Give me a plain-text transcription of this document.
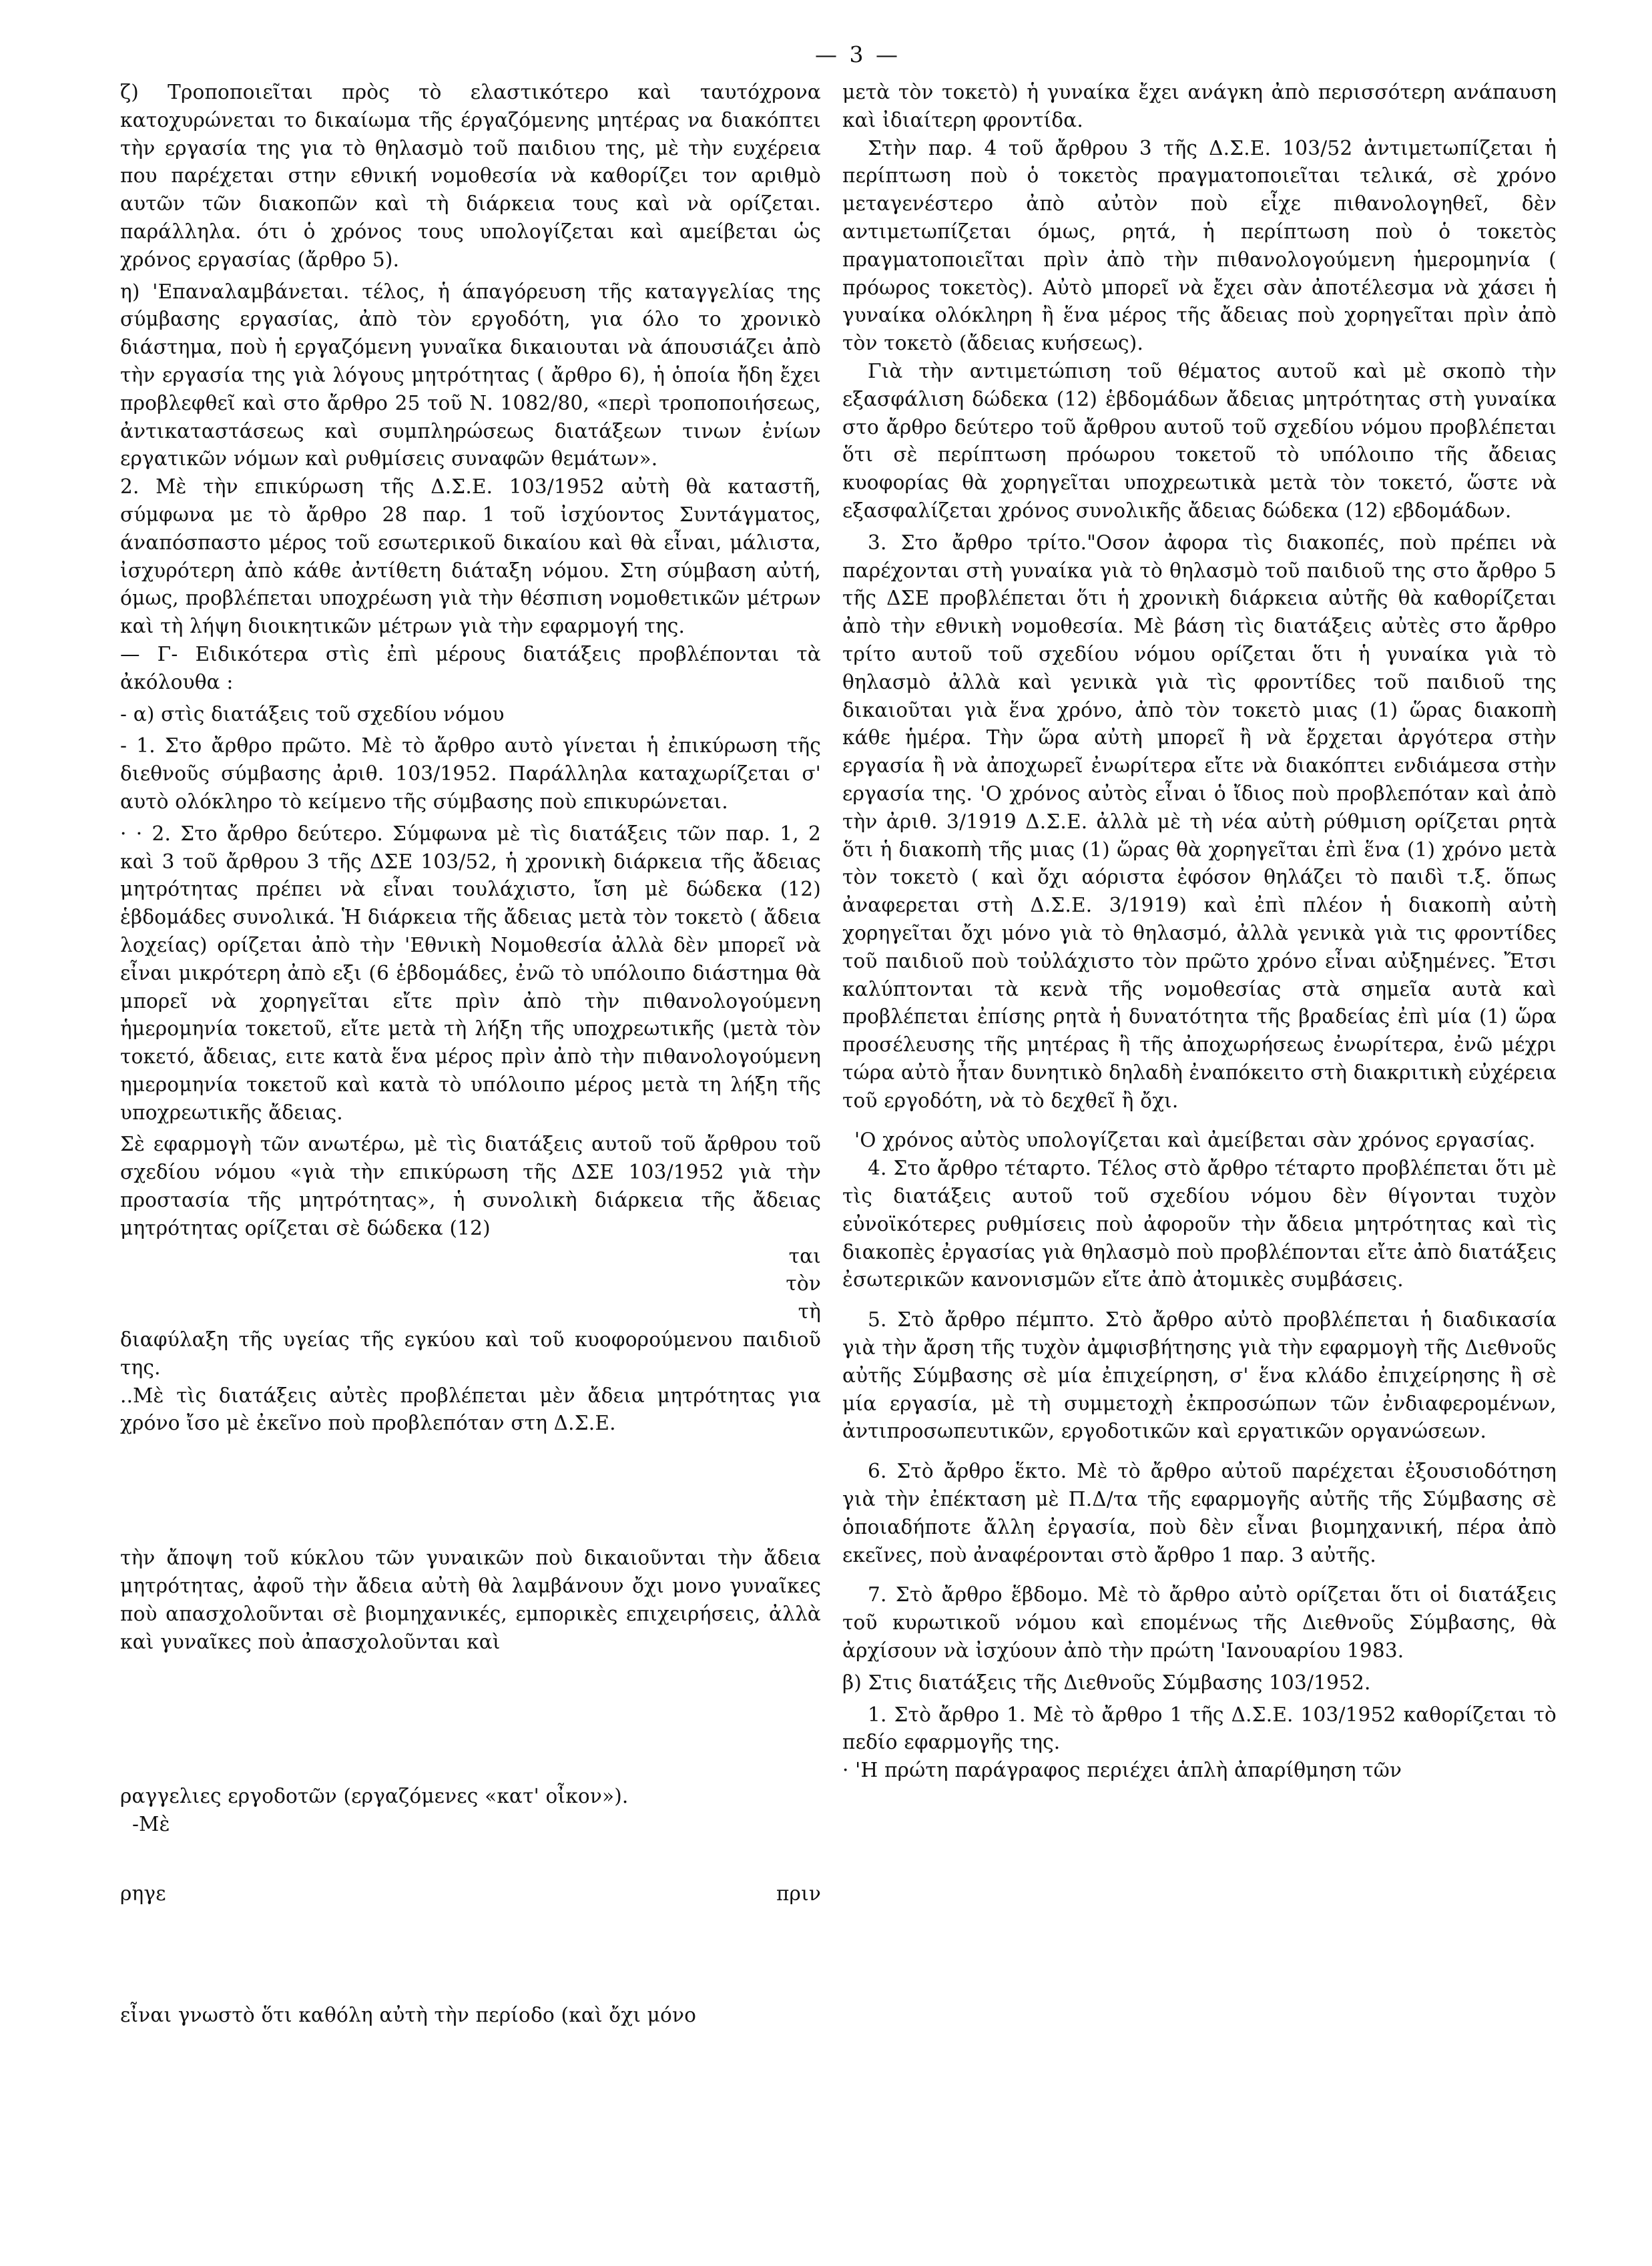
— 3 —

ζ) Τροποποιεῖται πρὸς τὸ ελαστικότερο καὶ ταυτόχρονα κατοχυρώνεται το δικαίωμα τῆς έργαζόμενης μητέρας να διακόπτει τὴν εργασία της για τὸ θηλασμὸ τοῦ παιδιου της, μὲ τὴν ευχέρεια που παρέχεται στην εθνική νομοθεσία νὰ καθορίζει τον αριθμὸ αυτῶν τῶν διακοπῶν καὶ τὴ διάρκεια τους καὶ νὰ ορίζεται. παράλληλα. ότι ὁ χρόνος τους υπολογίζεται καὶ αμείβεται ὡς χρόνος εργασίας (ἄρθρο 5).

η) 'Επαναλαμβάνεται. τέλος, ἡ άπαγόρευση τῆς καταγγελίας της σύμβασης εργασίας, ἀπὸ τὸν εργοδότη, για όλο το χρονικὸ διάστημα, ποὺ ἡ εργαζόμενη γυναῖκα δικαιουται νὰ άπουσιάζει ἀπὸ τὴν εργασία της γιὰ λόγους μητρότητας ( ἄρθρο 6), ἡ ὁποία ἤδη ἔχει προβλεφθεῖ καὶ στο ἄρθρο 25 τοῦ Ν. 1082/80, «περὶ τροποποιήσεως, ἀντικαταστάσεως καὶ συμπληρώσεως διατάξεων τινων ἐνίων εργατικῶν νόμων καὶ ρυθμίσεις συναφῶν θεμάτων».

2. Μὲ τὴν επικύρωση τῆς Δ.Σ.Ε. 103/1952 αὐτὴ θὰ καταστῆ, σύμφωνα με τὸ ἄρθρο 28 παρ. 1 τοῦ ἰσχύοντος Συντάγματος, άναπόσπαστο μέρος τοῦ εσωτερικοῦ δικαίου καὶ θὰ εἶναι, μάλιστα, ἰσχυρότερη ἀπὸ κάθε ἀντίθετη διάταξη νόμου. Στη σύμβαση αὐτή, όμως, προβλέπεται υποχρέωση γιὰ τὴν θέσπιση νομοθετικῶν μέτρων καὶ τὴ λήψη διοικητικῶν μέτρων γιὰ τὴν εφαρμογή της.

— Γ- Ειδικότερα στὶς ἐπὶ μέρους διατάξεις προβλέπονται τὰ ἀκόλουθα :

- α) στὶς διατάξεις τοῦ σχεδίου νόμου

- 1. Στο ἄρθρο πρῶτο. Μὲ τὸ ἄρθρο αυτὸ γίνεται ἡ ἐπικύρωση τῆς διεθνοῦς σύμβασης ἀριθ. 103/1952. Παράλληλα καταχωρίζεται σ' αυτὸ ολόκληρο τὸ κείμενο τῆς σύμβασης ποὺ επικυρώνεται.

· · 2. Στο ἄρθρο δεύτερο. Σύμφωνα μὲ τὶς διατάξεις τῶν παρ. 1, 2 καὶ 3 τοῦ ἄρθρου 3 τῆς ΔΣΕ 103/52, ἡ χρονικὴ διάρκεια τῆς ἄδειας μητρότητας πρέπει νὰ εἶναι τουλάχιστο, ἴση μὲ δώδεκα (12) ἑβδομάδες συνολικά. Ἡ διάρκεια τῆς ἄδειας μετὰ τὸν τοκετὸ ( ἄδεια λοχείας) ορίζεται ἀπὸ τὴν 'Εθνικὴ Νομοθεσία ἀλλὰ δὲν μπορεῖ νὰ εἶναι μικρότερη ἀπὸ εξι (6 ἑβδομάδες, ἐνῶ τὸ υπόλοιπο διάστημα θὰ μπορεῖ νὰ χορηγεῖται εἴτε πρὶν ἀπὸ τὴν πιθανολογούμενη ἡμερομηνία τοκετοῦ, εἴτε μετὰ τὴ λήξη τῆς υποχρεωτικῆς (μετὰ τὸν τοκετό, ἄδειας, ειτε κατὰ ἕνα μέρος πρὶν ἀπὸ τὴν πιθανολογούμενη ημερομηνία τοκετοῦ καὶ κατὰ τὸ υπόλοιπο μέρος μετὰ τη λήξη τῆς υποχρεωτικῆς ἄδειας.

Σὲ εφαρμογὴ τῶν ανωτέρω, μὲ τὶς διατάξεις αυτοῦ τοῦ ἄρθρου τοῦ σχεδίου νόμου «γιὰ τὴν επικύρωση τῆς ΔΣΕ 103/1952 γιὰ τὴν προστασία τῆς μητρότητας», ἡ συνολικὴ διάρκεια τῆς ἄδειας μητρότητας ορίζεται σὲ δώδεκα (12)

ται
τὸν
τὴ

διαφύλαξη τῆς υγείας τῆς εγκύου καὶ τοῦ κυοφορούμενου παιδιοῦ της.

..Μὲ τὶς διατάξεις αὐτὲς προβλέπεται μὲν ἄδεια μητρότητας για χρόνο ἴσο μὲ ἐκεῖνο ποὺ προβλεπόταν στη Δ.Σ.Ε.

τὴν ἄποψη τοῦ κύκλου τῶν γυναικῶν ποὺ δικαιοῦνται τὴν ἄδεια μητρότητας, ἀφοῦ τὴν ἄδεια αὐτὴ θὰ λαμβάνουν ὄχι μονο γυναῖκες ποὺ απασχολοῦνται σὲ βιομηχανικές, εμπορικὲς επιχειρήσεις, ἀλλὰ καὶ γυναῖκες ποὺ ἀπασχολοῦνται καὶ

ραγγελιες εργοδοτῶν (εργαζόμενες «κατ' οἶκον»).

-Μὲ

ρηγε	πριν

εἶναι γνωστὸ ὅτι καθόλη αὐτὴ τὴν περίοδο (καὶ ὄχι μόνο

μετὰ τὸν τοκετὸ) ἡ γυναίκα ἔχει ανάγκη ἀπὸ περισσότερη ανάπαυση καὶ ἰδιαίτερη φροντίδα.

Στὴν παρ. 4 τοῦ ἄρθρου 3 τῆς Δ.Σ.Ε. 103/52 ἀντιμετωπίζεται ἡ περίπτωση ποὺ ὁ τοκετὸς πραγματοποιεῖται τελικά, σὲ χρόνο μεταγενέστερο ἀπὸ αὐτὸν ποὺ εἶχε πιθανολογηθεῖ, δὲν αντιμετωπίζεται όμως, ρητά, ἡ περίπτωση ποὺ ὁ τοκετὸς πραγματοποιεῖται πρὶν ἀπὸ τὴν πιθανολογούμενη ἡμερομηνία ( πρόωρος τοκετὸς). Αὐτὸ μπορεῖ νὰ ἔχει σὰν ἀποτέλεσμα νὰ χάσει ἡ γυναίκα ολόκληρη ἢ ἕνα μέρος τῆς ἄδειας ποὺ χορηγεῖται πρὶν ἀπὸ τὸν τοκετὸ (ἄδειας κυήσεως).

Γιὰ τὴν αντιμετώπιση τοῦ θέματος αυτοῦ καὶ μὲ σκοπὸ τὴν εξασφάλιση δώδεκα (12) ἑβδομάδων ἄδειας μητρότητας στὴ γυναίκα στο ἄρθρο δεύτερο τοῦ ἄρθρου αυτοῦ τοῦ σχεδίου νόμου προβλέπεται ὅτι σὲ περίπτωση πρόωρου τοκετοῦ τὸ υπόλοιπο τῆς ἄδειας κυοφορίας θὰ χορηγεῖται υποχρεωτικὰ μετὰ τὸν τοκετό, ὥστε νὰ εξασφαλίζεται χρόνος συνολικῆς ἄδειας δώδεκα (12) εβδομάδων.

3. Στο ἄρθρο τρίτο."Οσον ἀφορα τὶς διακοπές, ποὺ πρέπει νὰ παρέχονται στὴ γυναίκα γιὰ τὸ θηλασμὸ τοῦ παιδιοῦ της στο ἄρθρο 5 τῆς ΔΣΕ προβλέπεται ὅτι ἡ χρονικὴ διάρκεια αὐτῆς θὰ καθορίζεται ἀπὸ τὴν εθνικὴ νομοθεσία. Μὲ βάση τὶς διατάξεις αὐτὲς στο ἄρθρο τρίτο αυτοῦ τοῦ σχεδίου νόμου ορίζεται ὅτι ἡ γυναίκα γιὰ τὸ θηλασμὸ ἀλλὰ καὶ γενικὰ γιὰ τὶς φροντίδες τοῦ παιδιοῦ της δικαιοῦται γιὰ ἕνα χρόνο, ἀπὸ τὸν τοκετὸ μιας (1) ὥρας διακοπὴ κάθε ἡμέρα. Τὴν ὥρα αὐτὴ μπορεῖ ἢ νὰ ἔρχεται ἀργότερα στὴν εργασία ἢ νὰ ἀποχωρεῖ ἐνωρίτερα εἴτε νὰ διακόπτει ενδιάμεσα στὴν εργασία της. 'Ο χρόνος αὐτὸς εἶναι ὁ ἴδιος ποὺ προβλεπόταν καὶ ἀπὸ τὴν ἀριθ. 3/1919 Δ.Σ.Ε. ἀλλὰ μὲ τὴ νέα αὐτὴ ρύθμιση ορίζεται ρητὰ ὅτι ἡ διακοπὴ τῆς μιας (1) ὥρας θὰ χορηγεῖται ἐπὶ ἕνα (1) χρόνο μετὰ τὸν τοκετὸ ( καὶ ὄχι αόριστα ἐφόσον θηλάζει τὸ παιδὶ τ.ξ. ὅπως ἀναφερεται στὴ Δ.Σ.Ε. 3/1919) καὶ ἐπὶ πλέον ἡ διακοπὴ αὐτὴ χορηγεῖται ὄχι μόνο γιὰ τὸ θηλασμό, ἀλλὰ γενικὰ γιὰ τις φροντίδες τοῦ παιδιοῦ ποὺ τοὐλάχιστο τὸν πρῶτο χρόνο εἶναι αὐξημένες. Ἔτσι καλύπτονται τὰ κενὰ τῆς νομοθεσίας στὰ σημεῖα αυτὰ καὶ προβλέπεται ἐπίσης ρητὰ ἡ δυνατότητα τῆς βραδείας ἐπὶ μία (1) ὥρα προσέλευσης τῆς μητέρας ἢ τῆς ἀποχωρήσεως ἐνωρίτερα, ἐνῶ μέχρι τώρα αὐτὸ ἦταν δυνητικὸ δηλαδὴ ἐναπόκειτο στὴ διακριτικὴ εὐχέρεια τοῦ εργοδότη, νὰ τὸ δεχθεῖ ἢ ὄχι.

'Ο χρόνος αὐτὸς υπολογίζεται καὶ ἀμείβεται σὰν χρόνος εργασίας.

4. Στο ἄρθρο τέταρτο. Τέλος στὸ ἄρθρο τέταρτο προβλέπεται ὅτι μὲ τὶς διατάξεις αυτοῦ τοῦ σχεδίου νόμου δὲν θίγονται τυχὸν εὐνοϊκότερες ρυθμίσεις ποὺ ἀφοροῦν τὴν ἄδεια μητρότητας καὶ τὶς διακοπὲς ἐργασίας γιὰ θηλασμὸ ποὺ προβλέπονται εἴτε ἀπὸ διατάξεις ἐσωτερικῶν κανονισμῶν εἴτε ἀπὸ ἀτομικὲς συμβάσεις.

5. Στὸ ἄρθρο πέμπτο. Στὸ ἄρθρο αὐτὸ προβλέπεται ἡ διαδικασία γιὰ τὴν ἄρση τῆς τυχὸν ἀμφισβήτησης γιὰ τὴν εφαρμογὴ τῆς Διεθνοῦς αὐτῆς Σύμβασης σὲ μία ἐπιχείρηση, σ' ἕνα κλάδο ἐπιχείρησης ἢ σὲ μία εργασία, μὲ τὴ συμμετοχὴ ἐκπροσώπων τῶν ἐνδιαφερομένων, ἀντιπροσωπευτικῶν, εργοδοτικῶν καὶ εργατικῶν οργανώσεων.

6. Στὸ ἄρθρο ἕκτο. Μὲ τὸ ἄρθρο αὐτοῦ παρέχεται ἐξουσιοδότηση γιὰ τὴν ἐπέκταση μὲ Π.Δ/τα τῆς εφαρμογῆς αὐτῆς τῆς Σύμβασης σὲ ὁποιαδήποτε ἄλλη ἐργασία, ποὺ δὲν εἶναι βιομηχανική, πέρα ἀπὸ εκεῖνες, ποὺ ἀναφέρονται στὸ ἄρθρο 1 παρ. 3 αὐτῆς.

7. Στὸ ἄρθρο ἕβδομο. Μὲ τὸ ἄρθρο αὐτὸ ορίζεται ὅτι οἱ διατάξεις τοῦ κυρωτικοῦ νόμου καὶ επομένως τῆς Διεθνοῦς Σύμβασης, θὰ ἀρχίσουν νὰ ἰσχύουν ἀπὸ τὴν πρώτη 'Ιανουαρίου 1983.

β) Στις διατάξεις τῆς Διεθνοῦς Σύμβασης 103/1952.

1. Στὸ ἄρθρο 1. Μὲ τὸ ἄρθρο 1 τῆς Δ.Σ.Ε. 103/1952 καθορίζεται τὸ πεδίο εφαρμογῆς της.

· 'Η πρώτη παράγραφος περιέχει ἁπλὴ ἀπαρίθμηση τῶν
